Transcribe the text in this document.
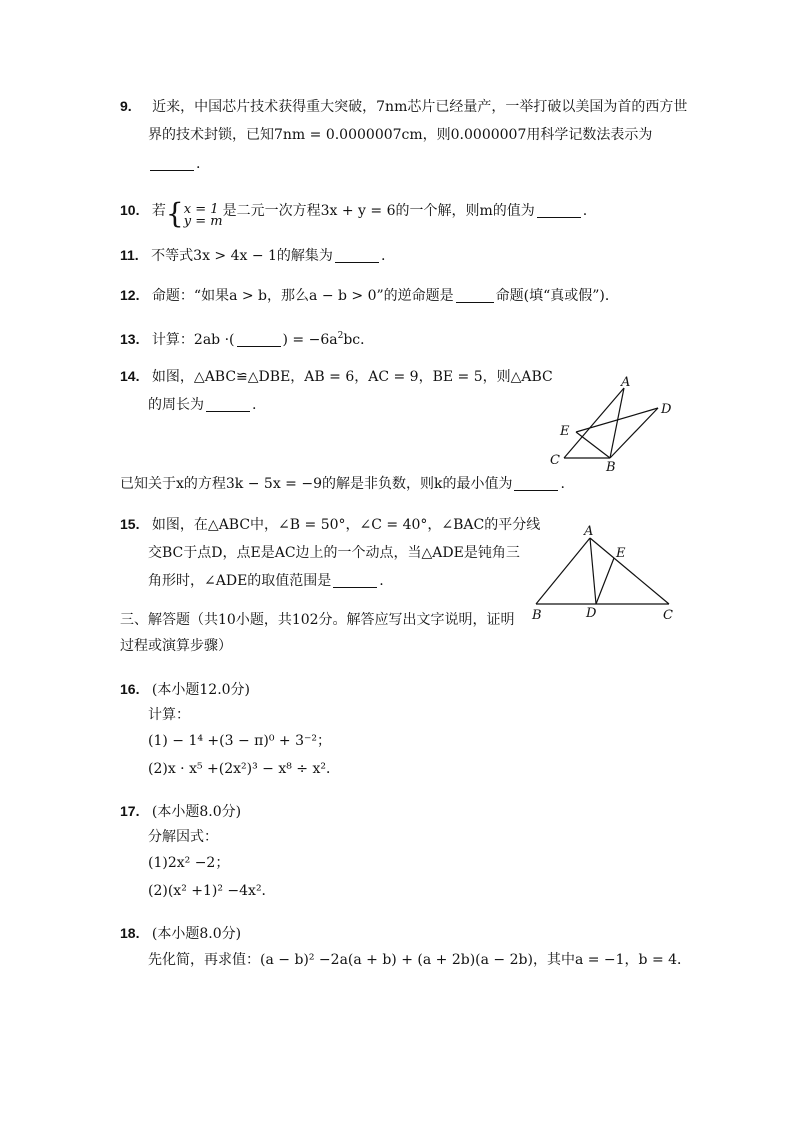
9. 近来，中国芯片技术获得重大突破，7nm芯片已经量产，一举打破以美国为首的西方世
界的技术封锁，已知7nm = 0.0000007cm，则0.0000007用科学记数法表示为
.
10. 若{x = 1
y = m是二元一次方程3x + y = 6的一个解，则m的值为	.
11. 不等式3x > 4x − 1的解集为	.
12. 命题：“如果a > b，那么a − b > 0”的逆命题是	命题(填“真或假”)．
13. 计算：2ab ·(	) = $-6a^2bc$．
14. 如图，△ABC≌△DBE，AB = 6，AC = 9，BE = 5，则△ABC
的周长为	.
A
B
C
D
E
已知关于x的方程3k − 5x = −9的解是非负数，则k的最小值为	.
15. 如图，在△ABC中，∠B = 50°，∠C = 40°，∠BAC的平分线
交BC于点D，点E是AC边上的一个动点，当△ADE是钝角三
角形时，∠ADE的取值范围是	.
A
B	C
D
E
三、解答题（共10小题，共102分。解答应写出文字说明，证明
过程或演算步骤）
16. (本小题12.0分)
计算：
(1) − 1⁴ +(3 − π)⁰ + 3⁻²；
(2)x · x⁵ +(2x²)³ − x⁸ ÷ x²．
17. (本小题8.0分)
分解因式：
(1)2x² −2；
(2)(x² +1)² −4x²．
18. (本小题8.0分)
先化简，再求值：(a − b)² −2a(a + b) + (a + 2b)(a − 2b)，其中a = −1，b = 4．
